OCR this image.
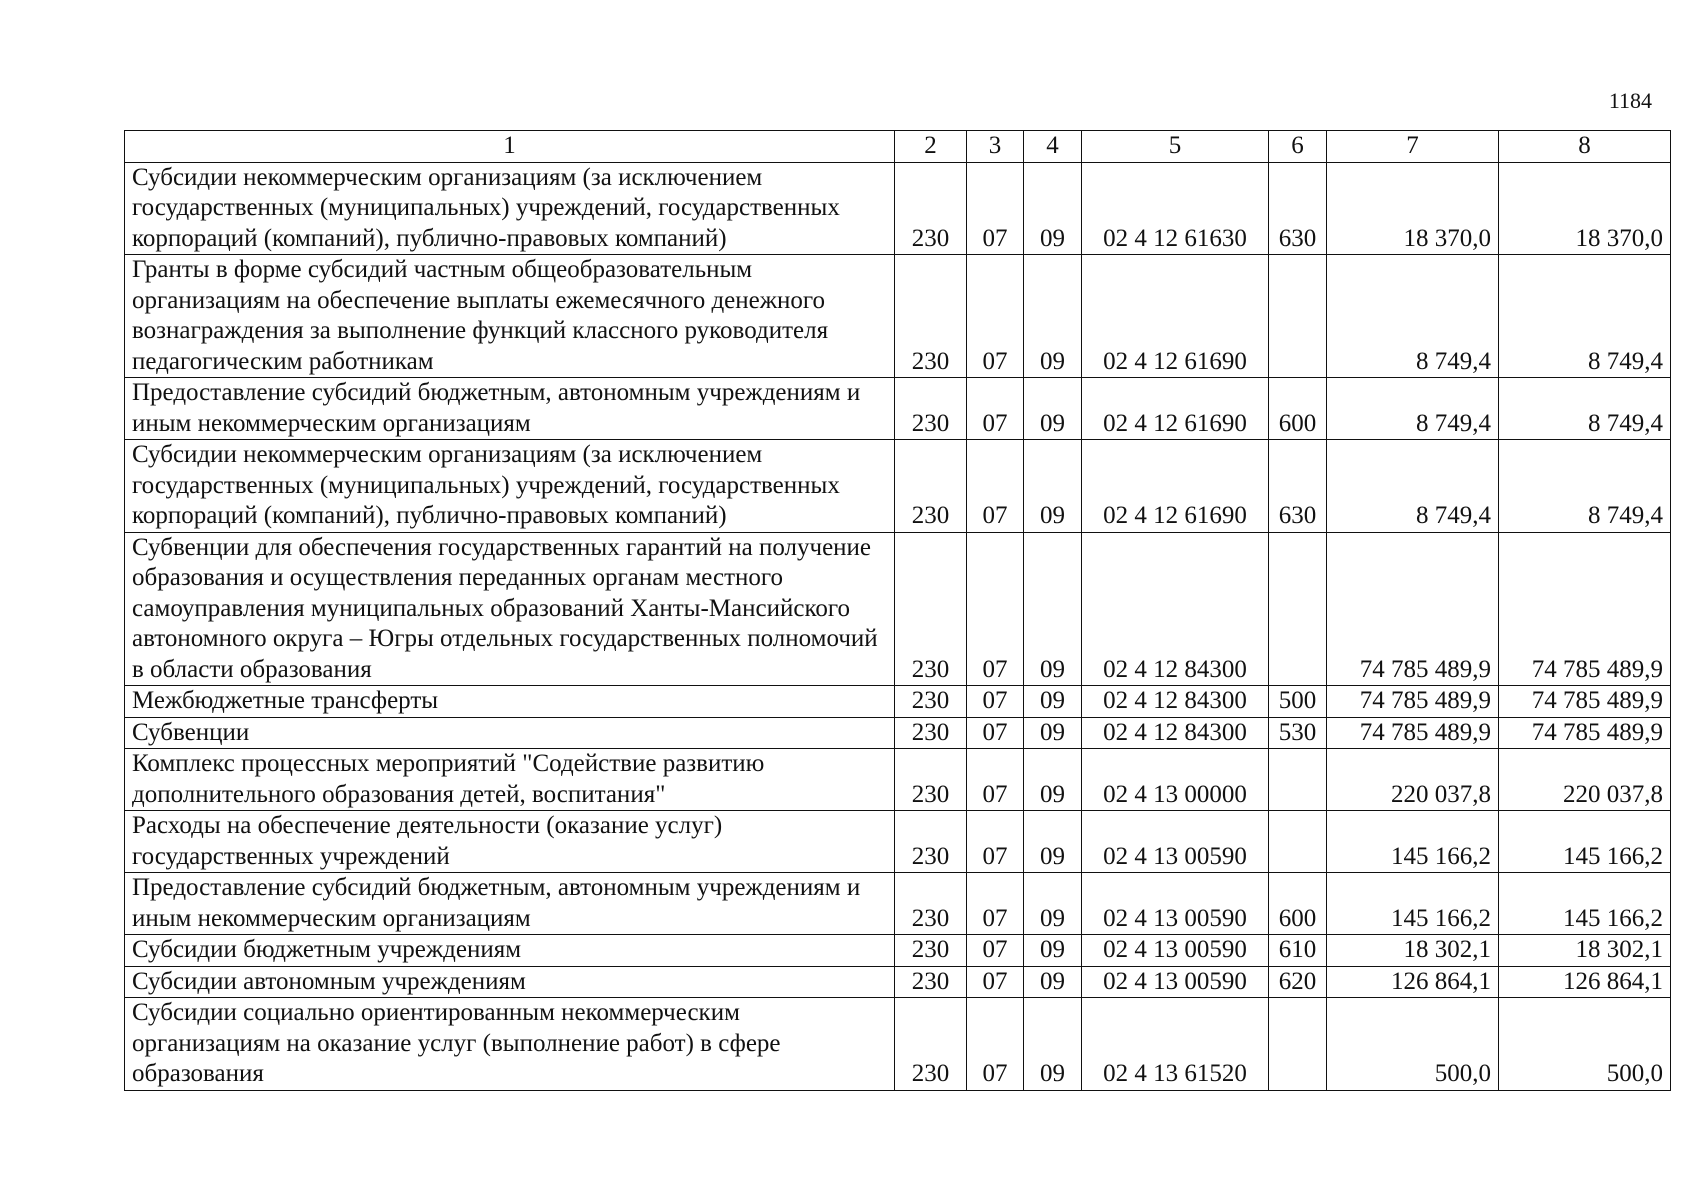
1184
1	2	3	4	5	6	7	8
Субсидии некоммерческим организациям (за исключением государственных (муниципальных) учреждений, государственных корпораций (компаний), публично-правовых компаний)	230	07	09	02 4 12 61630	630	18 370,0	18 370,0
Гранты в форме субсидий частным общеобразовательным организациям на обеспечение выплаты ежемесячного денежного вознаграждения за выполнение функций классного руководителя педагогическим работникам	230	07	09	02 4 12 61690		8 749,4	8 749,4
Предоставление субсидий бюджетным, автономным учреждениям и иным некоммерческим организациям	230	07	09	02 4 12 61690	600	8 749,4	8 749,4
Субсидии некоммерческим организациям (за исключением государственных (муниципальных) учреждений, государственных корпораций (компаний), публично-правовых компаний)	230	07	09	02 4 12 61690	630	8 749,4	8 749,4
Субвенции для обеспечения государственных гарантий на получение образования и осуществления переданных органам местного самоуправления муниципальных образований Ханты-Мансийского автономного округа – Югры отдельных государственных полномочий в области образования	230	07	09	02 4 12 84300		74 785 489,9	74 785 489,9
Межбюджетные трансферты	230	07	09	02 4 12 84300	500	74 785 489,9	74 785 489,9
Субвенции	230	07	09	02 4 12 84300	530	74 785 489,9	74 785 489,9
Комплекс процессных мероприятий "Содействие развитию дополнительного образования детей, воспитания"	230	07	09	02 4 13 00000		220 037,8	220 037,8
Расходы на обеспечение деятельности (оказание услуг) государственных учреждений	230	07	09	02 4 13 00590		145 166,2	145 166,2
Предоставление субсидий бюджетным, автономным учреждениям и иным некоммерческим организациям	230	07	09	02 4 13 00590	600	145 166,2	145 166,2
Субсидии бюджетным учреждениям	230	07	09	02 4 13 00590	610	18 302,1	18 302,1
Субсидии автономным учреждениям	230	07	09	02 4 13 00590	620	126 864,1	126 864,1
Субсидии социально ориентированным некоммерческим организациям на оказание услуг (выполнение работ) в сфере образования	230	07	09	02 4 13 61520		500,0	500,0
